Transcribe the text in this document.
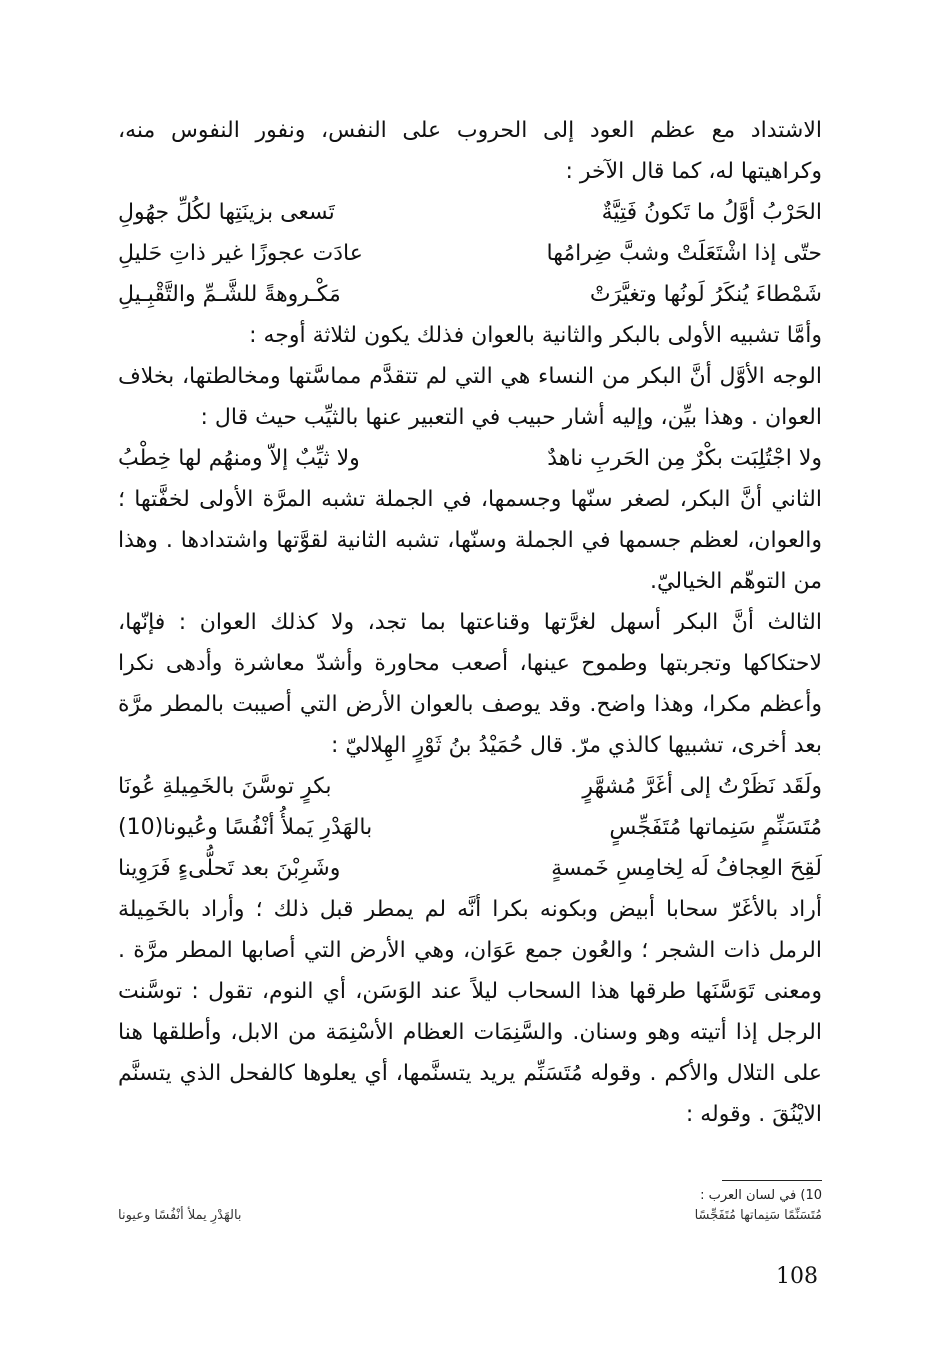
الاشتداد مع عظم العود إلى الحروب على النفس، ونفور النفوس منه، وكراهيتها له، كما قال الآخر :

الحَرْبُ أوَّلُ ما تَكونُ فَتِيَّةٌ
تَسعى بزينَتِها لكُلِّ جهُولِ
حتّى إذا اشْتَعَلَتْ وشبَّ ضِرامُها
عادَت عجوزًا غير ذاتِ حَليلِ
شَمْطاءَ يُنكَرُ لَونُها وتغيَّرَتْ
مَكْـروهةً للشَّـمِّ والتَّقْبِـيلِ

وأمَّا تشبيه الأولى بالبكر والثانية بالعوان فذلك يكون لثلاثة أوجه :

الوجه الأوَّل أنَّ البكر من النساء هي التي لم تتقدَّم مماسَّتها ومخالطتها، بخلاف العوان . وهذا بيِّن، وإليه أشار حبيب في التعبير عنها بالثيِّب حيث قال :

ولا اجْتُلِبَت بكْرٌ مِن الحَربِ ناهدٌ
ولا ثيِّبٌ إلاّ ومنهُم لها خِطْبُ

الثاني أنَّ البكر، لصغر سنّها وجسمها، في الجملة تشبه المرَّة الأولى لخفَّتها ؛ والعوان، لعظم جسمها في الجملة وسنّها، تشبه الثانية لقوَّتها واشتدادها . وهذا من التوهّم الخياليّ.

الثالث أنَّ البكر أسهل لغرَّتها وقناعتها بما تجد، ولا كذلك العوان : فإنّها، لاحتكاكها وتجربتها وطموح عينها، أصعب محاورة وأشدّ معاشرة وأدهى نكرا وأعظم مكرا، وهذا واضح. وقد يوصف بالعوان الأرض التي أصيبت بالمطر مرَّة بعد أخرى، تشبيها كالذي مرّ. قال حُمَيْدُ بنُ ثَوْرٍ الهِلاليّ :

ولَقَد نَظَرْتُ إلى أغَرَّ مُشهَّرٍ
بكرٍ توسَّنَ بالخَمِيلةِ عُونَا
مُتَسَنِّمٍ سَنِماتها مُتَفَجِّسٍ
بالهَدْرِ يَملأُ أنْفُسًا وعُيونا(10)
لَقِحَ العِجافُ لَه لِخامِسِ خَمسةٍ
وشَرِبْنَ بعد تَحلُّىءٍ فَرَوِينا

أراد بالأغَرّ سحابا أبيض وبكونه بكرا أنَّه لم يمطر قبل ذلك ؛ وأراد بالخَمِيلة الرمل ذات الشجر ؛ والعُون جمع عَوَان، وهي الأرض التي أصابها المطر مرَّة . ومعنى تَوَسَّنَها طرقها هذا السحاب ليلاً عند الوَسَن، أي النوم، تقول : توسَّنت الرجل إذا أتيته وهو وسنان. والسَّنِمَات العظام الأسْنِمَة من الابل، وأطلقها هنا على التلال والأكم . وقوله مُتَسَنِّم يريد يتسنَّمها، أي يعلوها كالفحل الذي يتسنَّم الايْنُقَ . وقوله :

10) في لسان العرب :
مُتَسَنِّمًا سَنِماتها مُتَفَجِّسًا
بالهَدْرِ يملأ أنْفُسًا وعيونا
108
